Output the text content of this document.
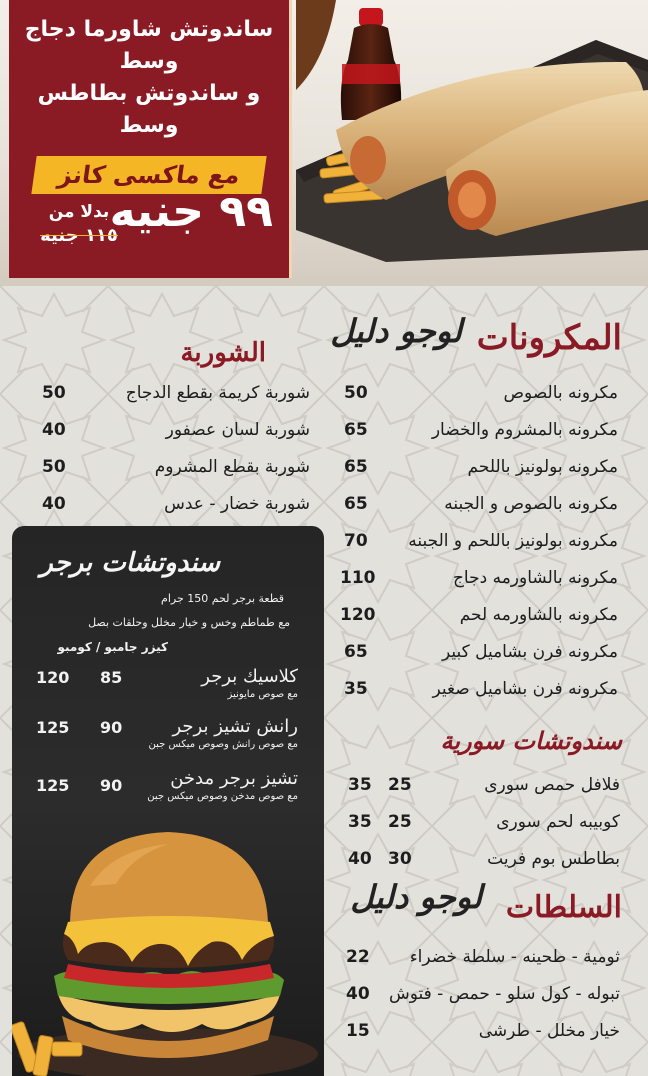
ساندوتش شاورما دجاج وسط
و ساندوتش بطاطس وسط
مع ماكسى كانز
٩٩ جنيه
بدلا من
١١٥ جنيه
المكرونات
لوجو دليل
الشوربة
مكرونه بالصوص
50
مكرونه بالمشروم والخضار
65
مكرونه بولونيز باللحم
65
مكرونه بالصوص و الجبنه
65
مكرونه بولونيز باللحم و الجبنه
70
مكرونه بالشاورمه دجاج
110
مكرونه بالشاورمه لحم
120
مكرونه فرن بشاميل كبير
65
مكرونه فرن بشاميل صغير
35
شوربة كريمة بقطع الدجاج
50
شوربة لسان عصفور
40
شوربة بقطع المشروم
50
شوربة خضار - عدس
40
سندوتشات برجر
قطعة برجر لحم 150 جرام
مع طماطم وخس و خيار مخلل وحلقات بصل
كيزر جامبو / كومبو
كلاسيك برجر
مع صوص مايونيز
85
120
رانش تشيز برجر
مع صوص رانش وصوص ميكس جبن
90
125
تشيز برجر مدخن
مع صوص مدخن وصوص ميكس جبن
90
125
سندوتشات سورية
فلافل حمص سورى
25
35
كوبيبه لحم سورى
25
35
بطاطس بوم فريت
30
40
السلطات
لوجو دليل
ثومية - طحينه - سلطة خضراء
22
تبوله - كول سلو - حمص - فتوش
40
خيار مخلل - طرشى
15
